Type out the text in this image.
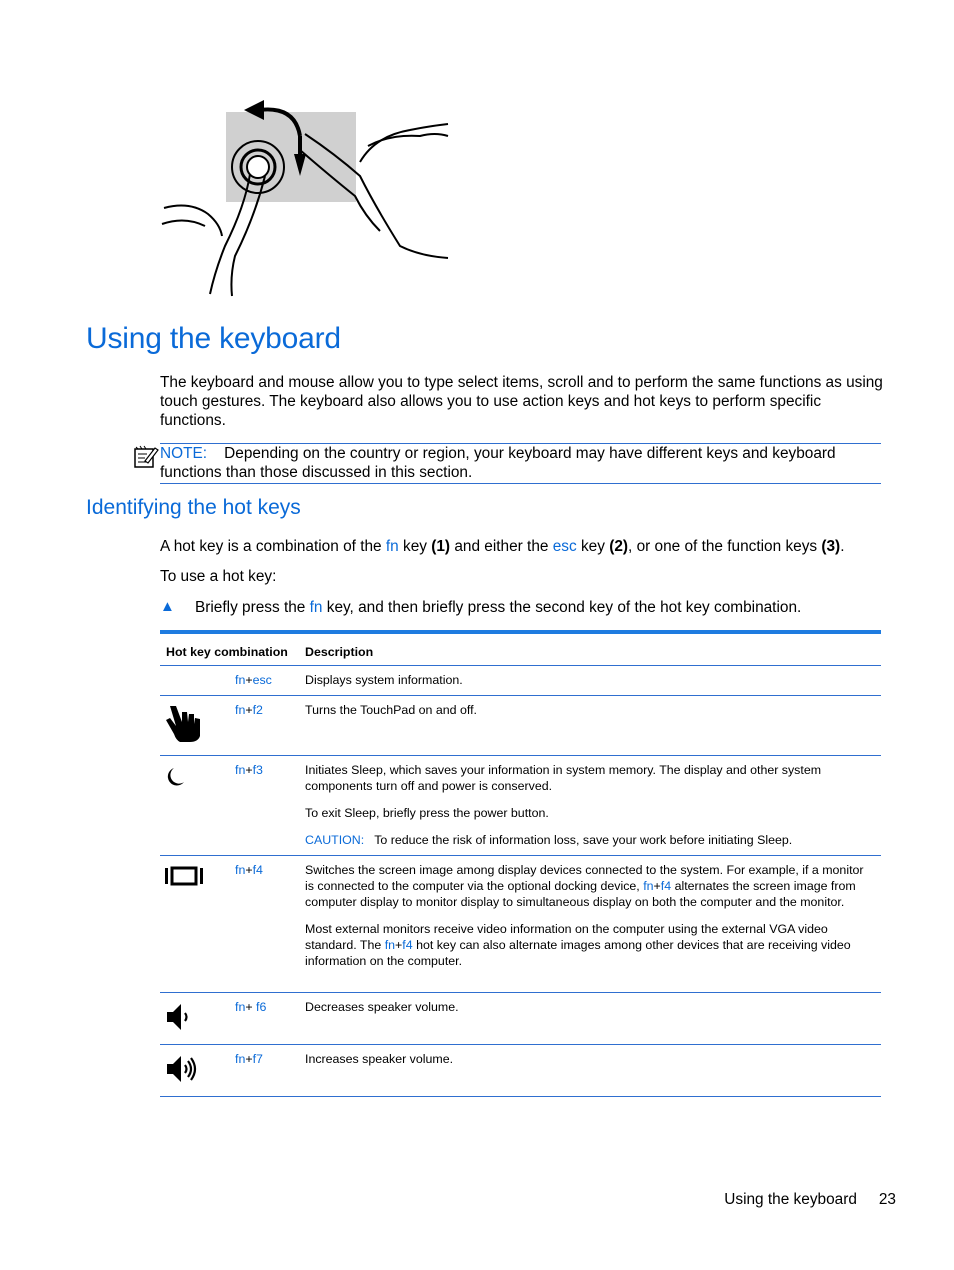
Using the keyboard

The keyboard and mouse allow you to type select items, scroll and to perform the same functions as using touch gestures. The keyboard also allows you to use action keys and hot keys to perform specific functions.

NOTE: Depending on the country or region, your keyboard may have different keys and keyboard functions than those discussed in this section.
Identifying the hot keys

A hot key is a combination of the fn key (1) and either the esc key (2), or one of the function keys (3).

To use a hot key:

▲ Briefly press the fn key, and then briefly press the second key of the hot key combination.
Hot key combination Description
fn+esc	Displays system information.
fn+f2	Turns the TouchPad on and off.
fn+f3	Initiates Sleep, which saves your information in system memory. The display and other system components turn off and power is conserved.

To exit Sleep, briefly press the power button.

CAUTION: To reduce the risk of information loss, save your work before initiating Sleep.

fn+f4	Switches the screen image among display devices connected to the system. For example, if a monitor is connected to the computer via the optional docking device, fn+f4 alternates the screen image from computer display to monitor display to simultaneous display on both the computer and the monitor.

Most external monitors receive video information on the computer using the external VGA video standard. The fn+f4 hot key can also alternate images among other devices that are receiving video information on the computer.

fn+ f6	Decreases speaker volume.
fn+f7	Increases speaker volume.
Using the keyboard 23
